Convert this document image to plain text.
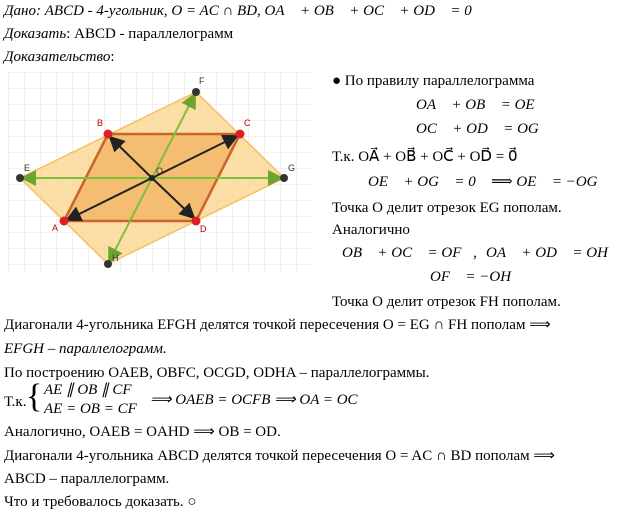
Дано: ABCD - 4-угольник, O = AC ∩ BD, OA⃗ + OB⃗ + OC⃗ + OD⃗ = 0⃗
Доказать: ABCD - параллелограмм
Доказательство:
A
B	C
D
E
F
G
H
O
● По правилу параллелограмма
OA⃗ + OB⃗ = OE⃗
OC⃗ + OD⃗ = OG⃗
Т.к. OA⃗ + OB⃗ + OC⃗ + OD⃗ = 0⃗
OE⃗ + OG⃗ = 0⃗ ⟹ OE⃗ = −OG⃗
Точка O делит отрезок EG пополам.
Аналогично
OB⃗ + OC⃗ = OF⃗, OA⃗ + OD⃗ = OH⃗
OF⃗ = −OH⃗
Точка O делит отрезок FH пополам.
Диагонали 4-угольника EFGH делятся точкой пересечения O = EG ∩ FH пополам ⟹
EFGH – параллелограмм.
По построению OAEB, OBFC, OCGD, ODHA – параллелограммы.
Т.к. { AE ∥ OB ∥ CF
AE = OB = CF
⟹ OAEB = OCFB ⟹ OA = OC
Аналогично, OAEB = OAHD ⟹ OB = OD.
Диагонали 4-угольника ABCD делятся точкой пересечения O = AC ∩ BD пополам ⟹
ABCD – параллелограмм.
Что и требовалось доказать. ○
